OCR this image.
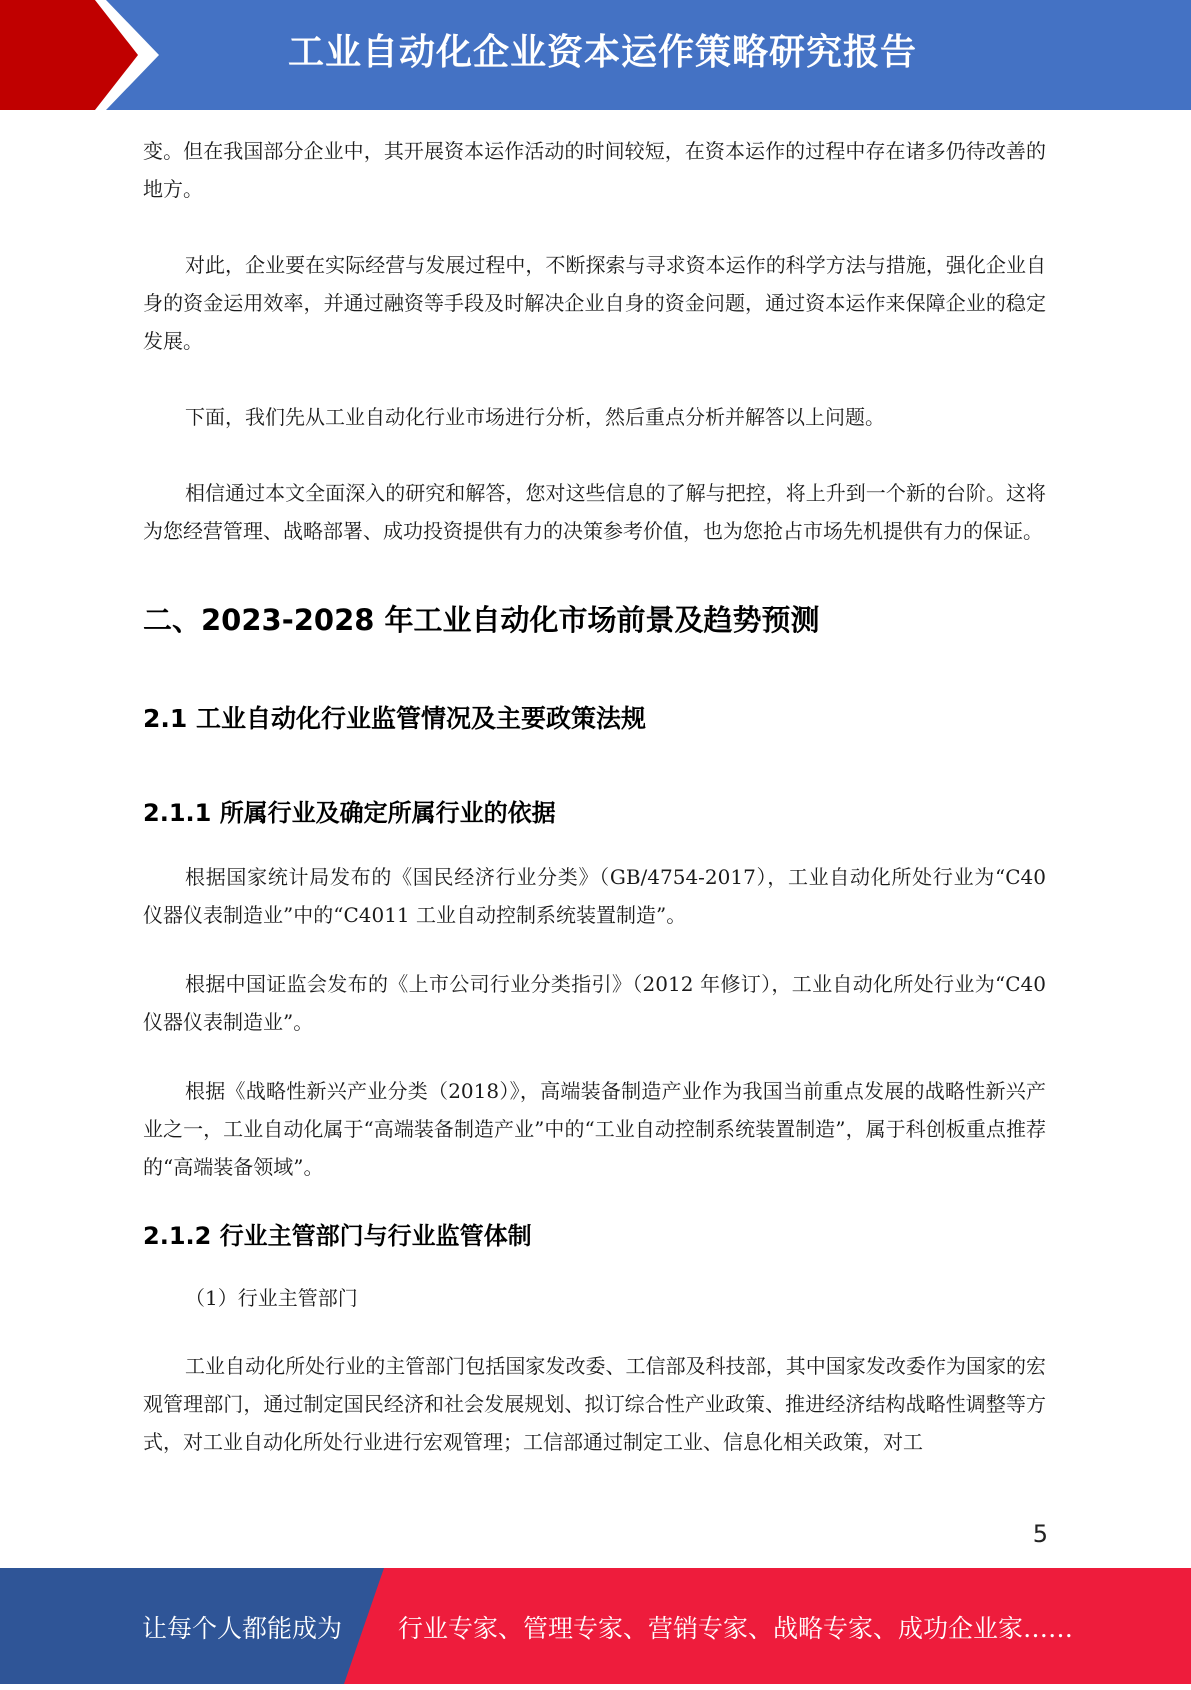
工业自动化企业资本运作策略研究报告

变。但在我国部分企业中，其开展资本运作活动的时间较短，在资本运作的过程中存在诸多仍待改善的地方。

对此，企业要在实际经营与发展过程中，不断探索与寻求资本运作的科学方法与措施，强化企业自身的资金运用效率，并通过融资等手段及时解决企业自身的资金问题，通过资本运作来保障企业的稳定发展。

下面，我们先从工业自动化行业市场进行分析，然后重点分析并解答以上问题。

相信通过本文全面深入的研究和解答，您对这些信息的了解与把控，将上升到一个新的台阶。这将为您经营管理、战略部署、成功投资提供有力的决策参考价值，也为您抢占市场先机提供有力的保证。

二、2023-2028 年工业自动化市场前景及趋势预测
2.1 工业自动化行业监管情况及主要政策法规
2.1.1 所属行业及确定所属行业的依据

根据国家统计局发布的《国民经济行业分类》（GB/4754-2017），工业自动化所处行业为“C40 仪器仪表制造业”中的“C4011 工业自动控制系统装置制造”。

根据中国证监会发布的《上市公司行业分类指引》（2012 年修订），工业自动化所处行业为“C40 仪器仪表制造业”。

根据《战略性新兴产业分类（2018）》，高端装备制造产业作为我国当前重点发展的战略性新兴产业之一，工业自动化属于“高端装备制造产业”中的“工业自动控制系统装置制造”，属于科创板重点推荐的“高端装备领域”。

2.1.2 行业主管部门与行业监管体制

（1）行业主管部门

工业自动化所处行业的主管部门包括国家发改委、工信部及科技部，其中国家发改委作为国家的宏观管理部门，通过制定国民经济和社会发展规划、拟订综合性产业政策、推进经济结构战略性调整等方式，对工业自动化所处行业进行宏观管理；工信部通过制定工业、信息化相关政策，对工

5
让每个人都能成为 行业专家、管理专家、营销专家、战略专家、成功企业家……
